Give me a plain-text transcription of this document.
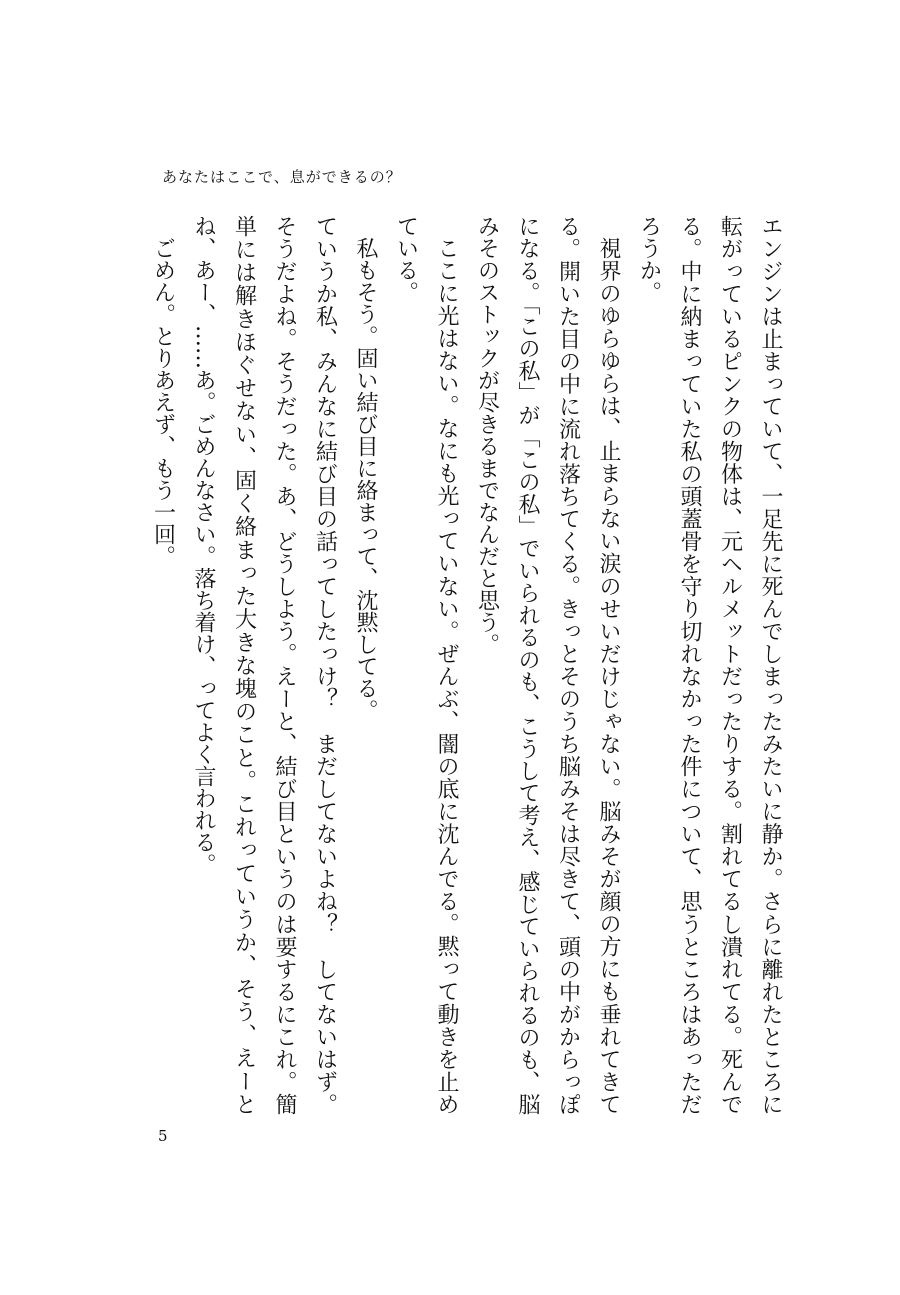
あなたはここで、息ができるの？

エンジンは止まっていて、一足先に死んでしまったみたいに静か。さらに離れたところに転がっているピンクの物体は、元ヘルメットだったりする。割れてるし潰れてる。死んでる。中に納まっていた私の頭蓋骨を守り切れなかった件について、思うところはあっただろうか。

視界のゆらゆらは、止まらない涙のせいだけじゃない。脳みそが顔の方にも垂れてきてる。開いた目の中に流れ落ちてくる。きっとそのうち脳みそは尽きて、頭の中がからっぽになる。「この私」が「この私」でいられるのも、こうして考え、感じていられるのも、脳みそのストックが尽きるまでなんだと思う。

ここに光はない。なにも光っていない。ぜんぶ、闇の底に沈んでる。黙って動きを止めている。

私もそう。固い結び目に絡まって、沈黙してる。

ていうか私、みんなに結び目の話ってしたっけ？　まだしてないよね？　してないはず。そうだよね。そうだった。あ、どうしよう。えーと、結び目というのは要するにこれ。簡単には解きほぐせない、固く絡まった大きな塊のこと。これっていうか、そう、えーとね、あー、……あ。ごめんなさい。落ち着け、ってよく言われる。

ごめん。とりあえず、もう一回。

5
